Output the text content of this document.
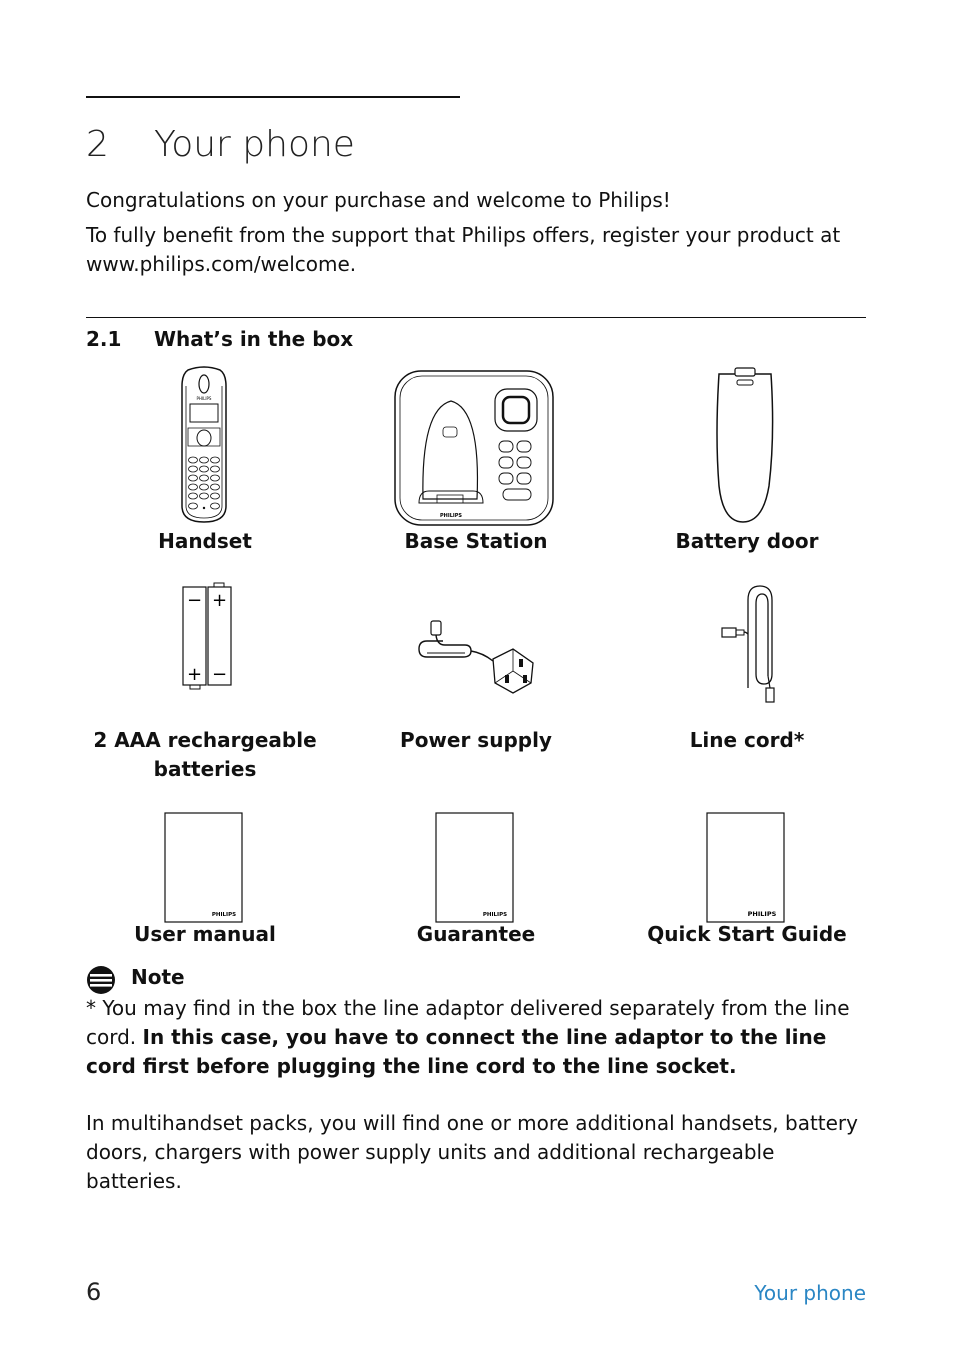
2 Your phone
Congratulations on your purchase and welcome to Philips!
To fully benefit from the support that Philips offers, register your product at www.philips.com/welcome.
2.1 What’s in the box
PHILIPS
PHILIPS
Handset	Base Station	Battery door
− +
+ −
2 AAA rechargeable batteries
Power supply	Line cord*
PHILIPS	PHILIPS	PHILIPS
User manual	Guarantee	Quick Start Guide
Note
* You may find in the box the line adaptor delivered separately from the line cord. In this case, you have to connect the line adaptor to the line cord first before plugging the line cord to the line socket.
In multihandset packs, you will find one or more additional handsets, battery doors, chargers with power supply units and additional rechargeable batteries.
6	Your phone
